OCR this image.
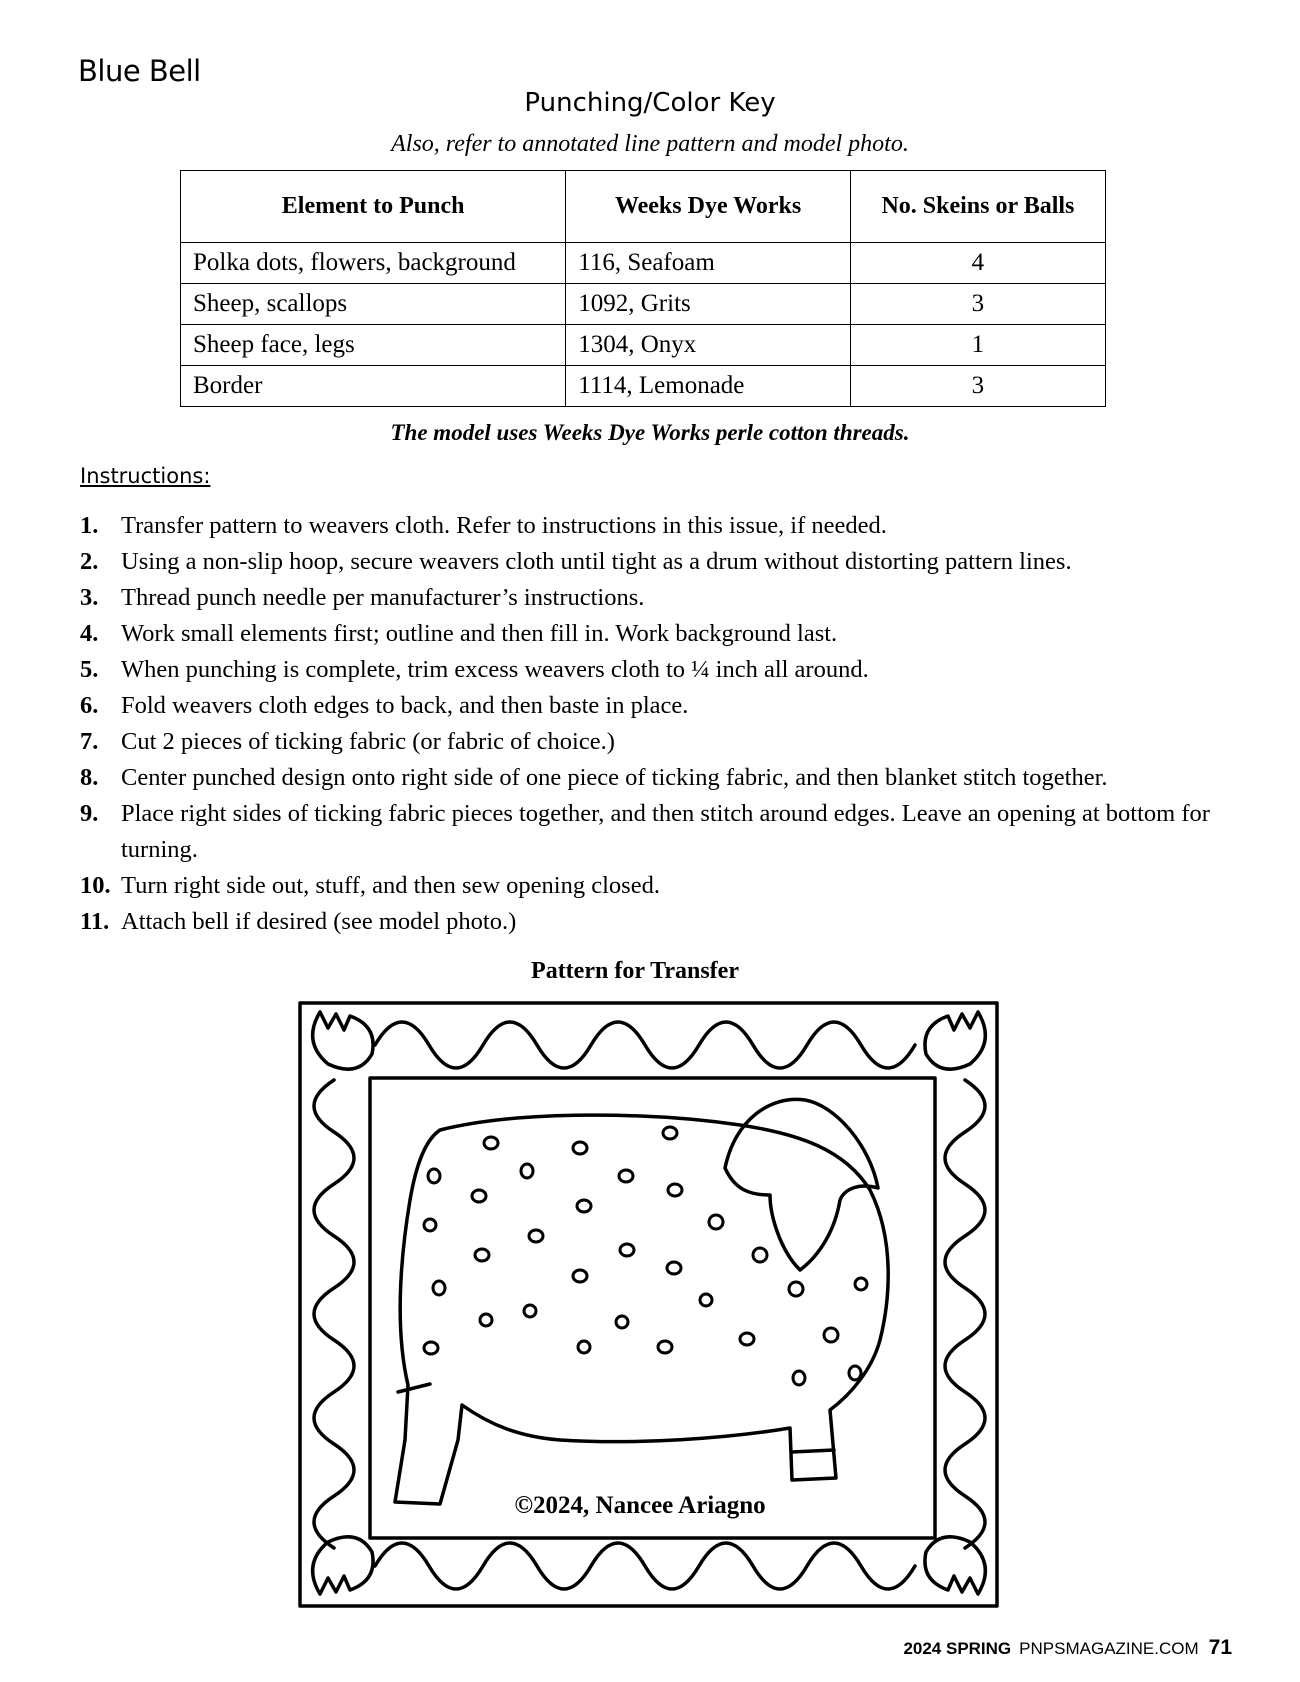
Blue Bell
Punching/Color Key
Also, refer to annotated line pattern and model photo.
Element to Punch	Weeks Dye Works	No. Skeins or Balls
Polka dots, flowers, background	116, Seafoam	4
Sheep, scallops	1092, Grits	3
Sheep face, legs	1304, Onyx	1
Border	1114, Lemonade	3
The model uses Weeks Dye Works perle cotton threads.
Instructions:
1. Transfer pattern to weavers cloth. Refer to instructions in this issue, if needed.
2. Using a non-slip hoop, secure weavers cloth until tight as a drum without distorting pattern lines.
3. Thread punch needle per manufacturer’s instructions.
4. Work small elements first; outline and then fill in. Work background last.
5. When punching is complete, trim excess weavers cloth to ¼ inch all around.
6. Fold weavers cloth edges to back, and then baste in place.
7. Cut 2 pieces of ticking fabric (or fabric of choice.)
8. Center punched design onto right side of one piece of ticking fabric, and then blanket stitch together.
9. Place right sides of ticking fabric pieces together, and then stitch around edges. Leave an opening at bottom for turning.
10. Turn right side out, stuff, and then sew opening closed.
11. Attach bell if desired (see model photo.)
Pattern for Transfer
©2024, Nancee Ariagno
2024 SPRING PNPSMAGAZINE.COM 71
